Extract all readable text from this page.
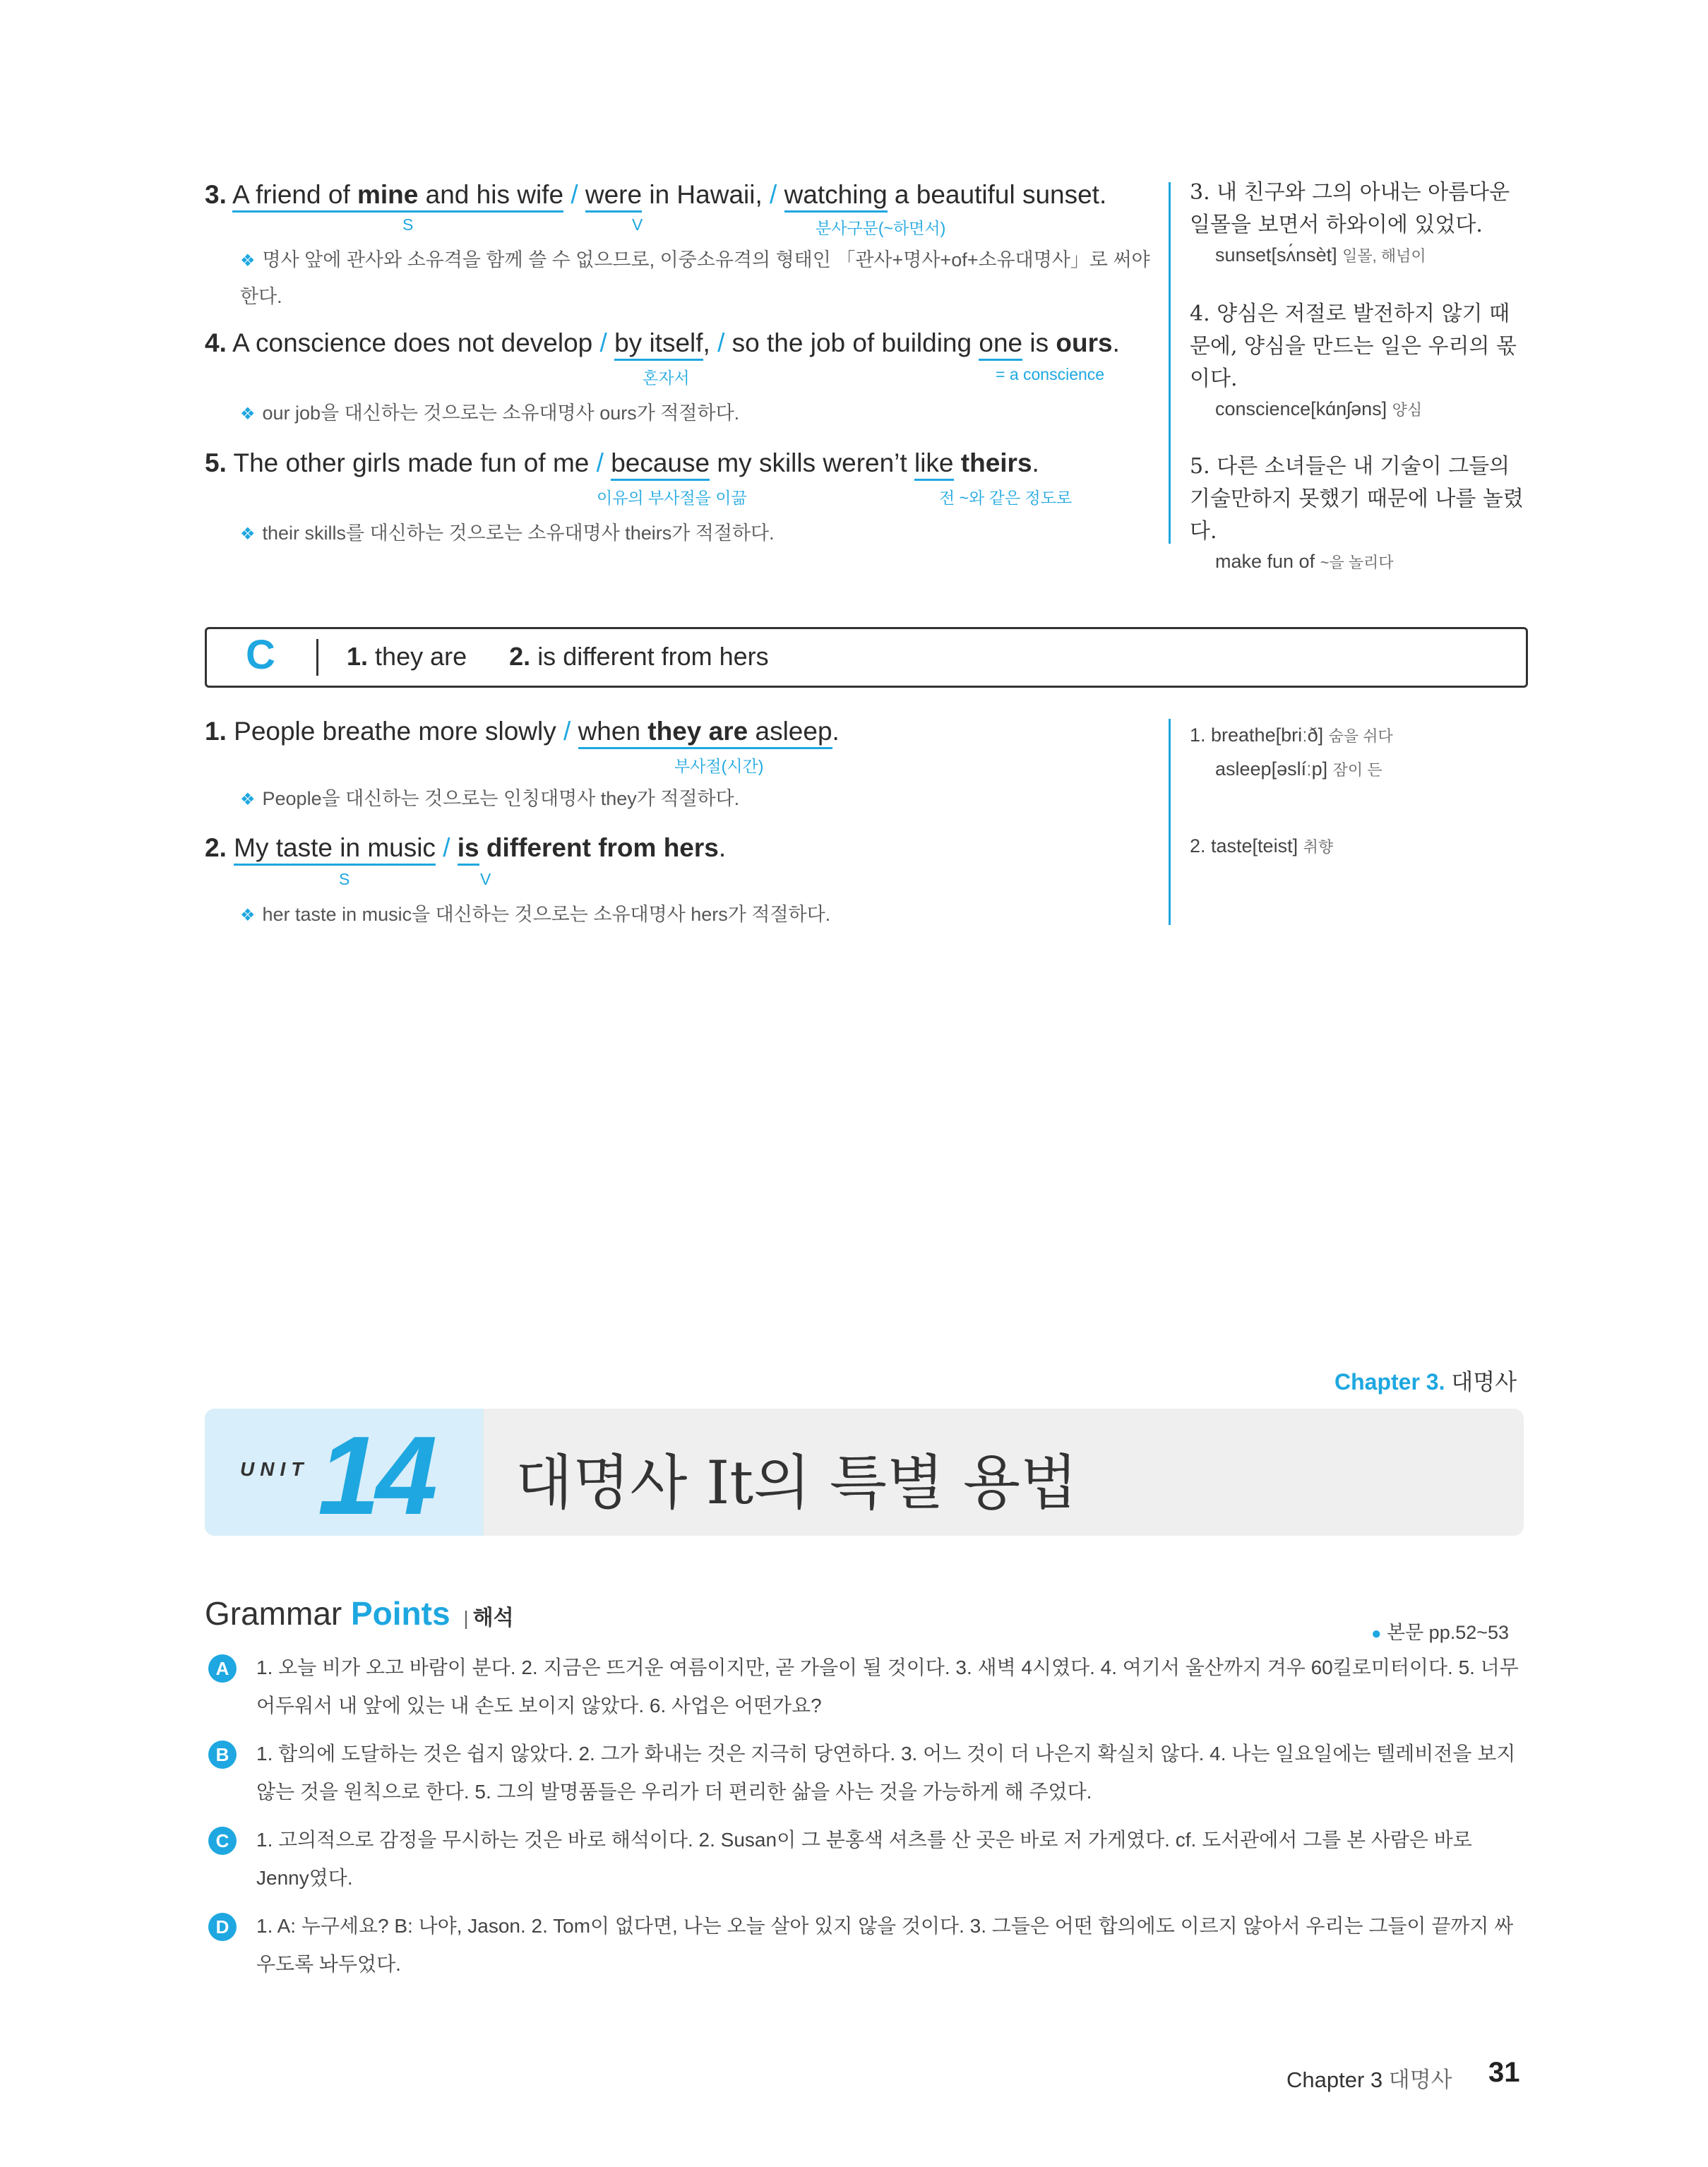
3. A friend of mine and his wife / were in Hawaii, / watching a beautiful sunset.
S	V	분사구문(~하면서)
❖ 명사 앞에 관사와 소유격을 함께 쓸 수 없으므로, 이중소유격의 형태인 「관사+명사+of+소유대명사」로 써야 한다.
4. A conscience does not develop / by itself, / so the job of building one is ours.
혼자서	= a conscience
❖ our job을 대신하는 것으로는 소유대명사 ours가 적절하다.
5. The other girls made fun of me / because my skills weren’t like theirs.
이유의 부사절을 이끎	전 ~와 같은 정도로
❖ their skills를 대신하는 것으로는 소유대명사 theirs가 적절하다.
3. 내 친구와 그의 아내는 아름다운 일몰을 보면서 하와이에 있었다.
sunset[sʌ́nsèt] 일몰, 해넘이
4. 양심은 저절로 발전하지 않기 때문에, 양심을 만드는 일은 우리의 몫이다.
conscience[kɑ́nʃəns] 양심
5. 다른 소녀들은 내 기술이 그들의 기술만하지 못했기 때문에 나를 놀렸다.
make fun of ~을 놀리다
C	1. they are 2. is different from hers
1. People breathe more slowly / when they are asleep.
부사절(시간)
❖ People을 대신하는 것으로는 인칭대명사 they가 적절하다.
2. My taste in music / is different from hers.
S	V
❖ her taste in music을 대신하는 것으로는 소유대명사 hers가 적절하다.
1. breathe[briːð] 숨을 쉬다
asleep[əslíːp] 잠이 든
2. taste[teist] 취향
Chapter 3. 대명사
UNIT 14 대명사 It의 특별 용법
Grammar Points | 해석
● 본문 pp.52~53
A	1. 오늘 비가 오고 바람이 분다. 2. 지금은 뜨거운 여름이지만, 곧 가을이 될 것이다. 3. 새벽 4시였다. 4. 여기서 울산까지 겨우 60킬로미터이다. 5. 너무 어두워서 내 앞에 있는 내 손도 보이지 않았다. 6. 사업은 어떤가요?
B	1. 합의에 도달하는 것은 쉽지 않았다. 2. 그가 화내는 것은 지극히 당연하다. 3. 어느 것이 더 나은지 확실치 않다. 4. 나는 일요일에는 텔레비전을 보지 않는 것을 원칙으로 한다. 5. 그의 발명품들은 우리가 더 편리한 삶을 사는 것을 가능하게 해 주었다.
C	1. 고의적으로 감정을 무시하는 것은 바로 해석이다. 2. Susan이 그 분홍색 셔츠를 산 곳은 바로 저 가게였다. cf. 도서관에서 그를 본 사람은 바로 Jenny였다.
D	1. A: 누구세요? B: 나야, Jason. 2. Tom이 없다면, 나는 오늘 살아 있지 않을 것이다. 3. 그들은 어떤 합의에도 이르지 않아서 우리는 그들이 끝까지 싸우도록 놔두었다.
Chapter 3 대명사 31
